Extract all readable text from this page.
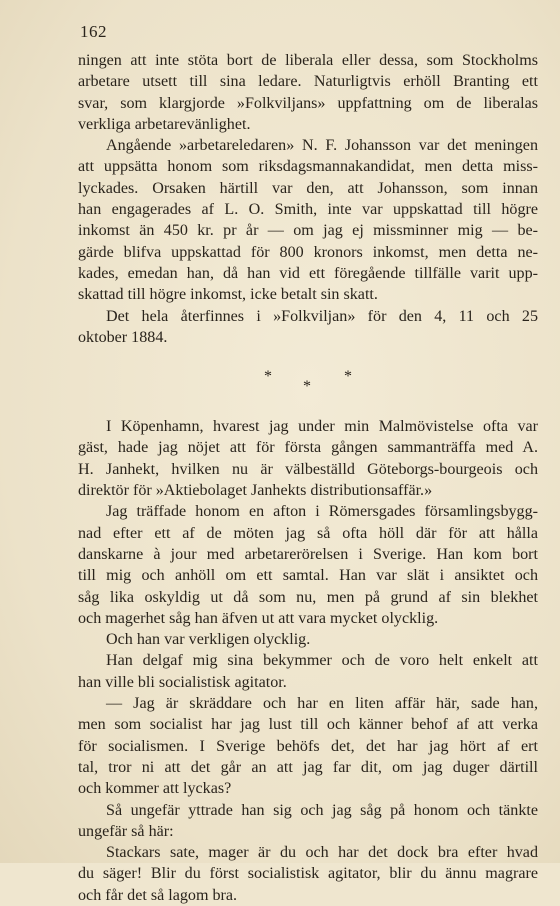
162
ningen att inte stöta bort de liberala eller dessa, som Stockholms
arbetare utsett till sina ledare. Naturligtvis erhöll Branting ett
svar, som klargjorde »Folkviljans» uppfattning om de liberalas
verkliga arbetarevänlighet.
Angående »arbetareledaren» N. F. Johansson var det meningen
att uppsätta honom som riksdagsmannakandidat, men detta miss-
lyckades. Orsaken härtill var den, att Johansson, som innan
han engagerades af L. O. Smith, inte var uppskattad till högre
inkomst än 450 kr. pr år — om jag ej missminner mig — be-
gärde blifva uppskattad för 800 kronors inkomst, men detta ne-
kades, emedan han, då han vid ett föregående tillfälle varit upp-
skattad till högre inkomst, icke betalt sin skatt.
Det hela återfinnes i »Folkviljan» för den 4, 11 och 25
oktober 1884.
*	*
*
I Köpenhamn, hvarest jag under min Malmövistelse ofta var
gäst, hade jag nöjet att för första gången sammanträffa med A.
H. Janhekt, hvilken nu är välbeställd Göteborgs-bourgeois och
direktör för »Aktiebolaget Janhekts distributionsaffär.»
Jag träffade honom en afton i Römersgades församlingsbygg-
nad efter ett af de möten jag så ofta höll där för att hålla
danskarne à jour med arbetarerörelsen i Sverige. Han kom bort
till mig och anhöll om ett samtal. Han var slät i ansiktet och
såg lika oskyldig ut då som nu, men på grund af sin blekhet
och magerhet såg han äfven ut att vara mycket olycklig.
Och han var verkligen olycklig.
Han delgaf mig sina bekymmer och de voro helt enkelt att
han ville bli socialistisk agitator.
— Jag är skräddare och har en liten affär här, sade han,
men som socialist har jag lust till och känner behof af att verka
för socialismen. I Sverige behöfs det, det har jag hört af ert
tal, tror ni att det går an att jag far dit, om jag duger därtill
och kommer att lyckas?
Så ungefär yttrade han sig och jag såg på honom och tänkte
ungefär så här:
Stackars sate, mager är du och har det dock bra efter hvad
du säger! Blir du först socialistisk agitator, blir du ännu magrare
och får det så lagom bra.
